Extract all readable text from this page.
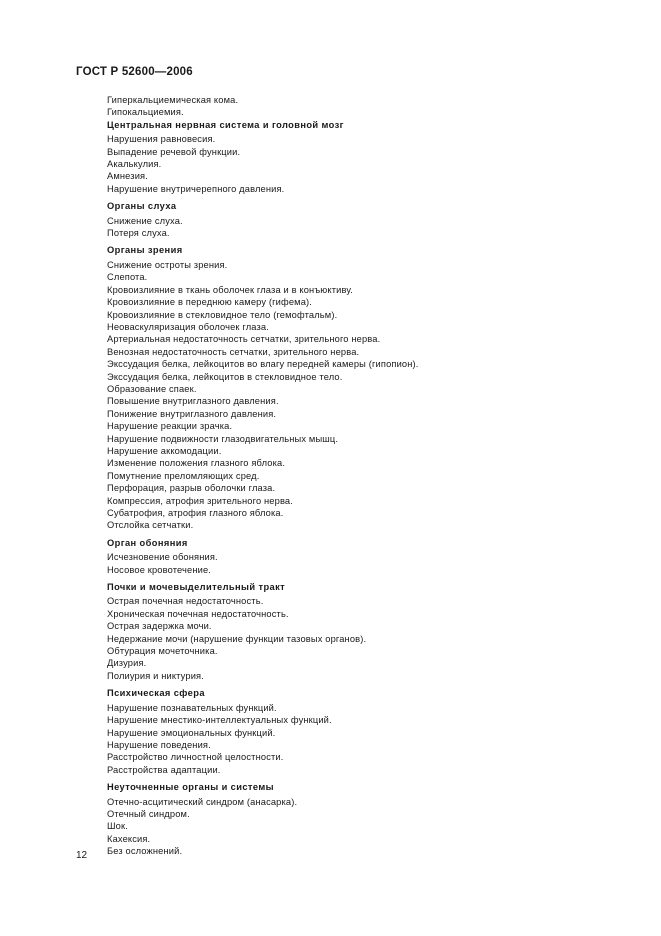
ГОСТ Р 52600—2006
Гиперкальциемическая кома.
Гипокальциемия.
Центральная нервная система и головной мозг
Нарушения равновесия.
Выпадение речевой функции.
Акалькулия.
Амнезия.
Нарушение внутричерепного давления.
Органы слуха
Снижение слуха.
Потеря слуха.
Органы зрения
Снижение остроты зрения.
Слепота.
Кровоизлияние в ткань оболочек глаза и в конъюктиву.
Кровоизлияние в переднюю камеру (гифема).
Кровоизлияние в стекловидное тело (гемофтальм).
Неоваскуляризация оболочек глаза.
Артериальная недостаточность сетчатки, зрительного нерва.
Венозная недостаточность сетчатки, зрительного нерва.
Экссудация белка, лейкоцитов во влагу передней камеры (гипопион).
Экссудация белка, лейкоцитов в стекловидное тело.
Образование спаек.
Повышение внутриглазного давления.
Понижение внутриглазного давления.
Нарушение реакции зрачка.
Нарушение подвижности глазодвигательных мышц.
Нарушение аккомодации.
Изменение положения глазного яблока.
Помутнение преломляющих сред.
Перфорация, разрыв оболочки глаза.
Компрессия, атрофия зрительного нерва.
Субатрофия, атрофия глазного яблока.
Отслойка сетчатки.
Орган обоняния
Исчезновение обоняния.
Носовое кровотечение.
Почки и мочевыделительный тракт
Острая почечная недостаточность.
Хроническая почечная недостаточность.
Острая задержка мочи.
Недержание мочи (нарушение функции тазовых органов).
Обтурация мочеточника.
Дизурия.
Полиурия и никтурия.
Психическая сфера
Нарушение познавательных функций.
Нарушение мнестико-интеллектуальных функций.
Нарушение эмоциональных функций.
Нарушение поведения.
Расстройство личностной целостности.
Расстройства адаптации.
Неуточненные органы и системы
Отечно-асцитический синдром (анасарка).
Отечный синдром.
Шок.
Кахексия.
Без осложнений.
12
